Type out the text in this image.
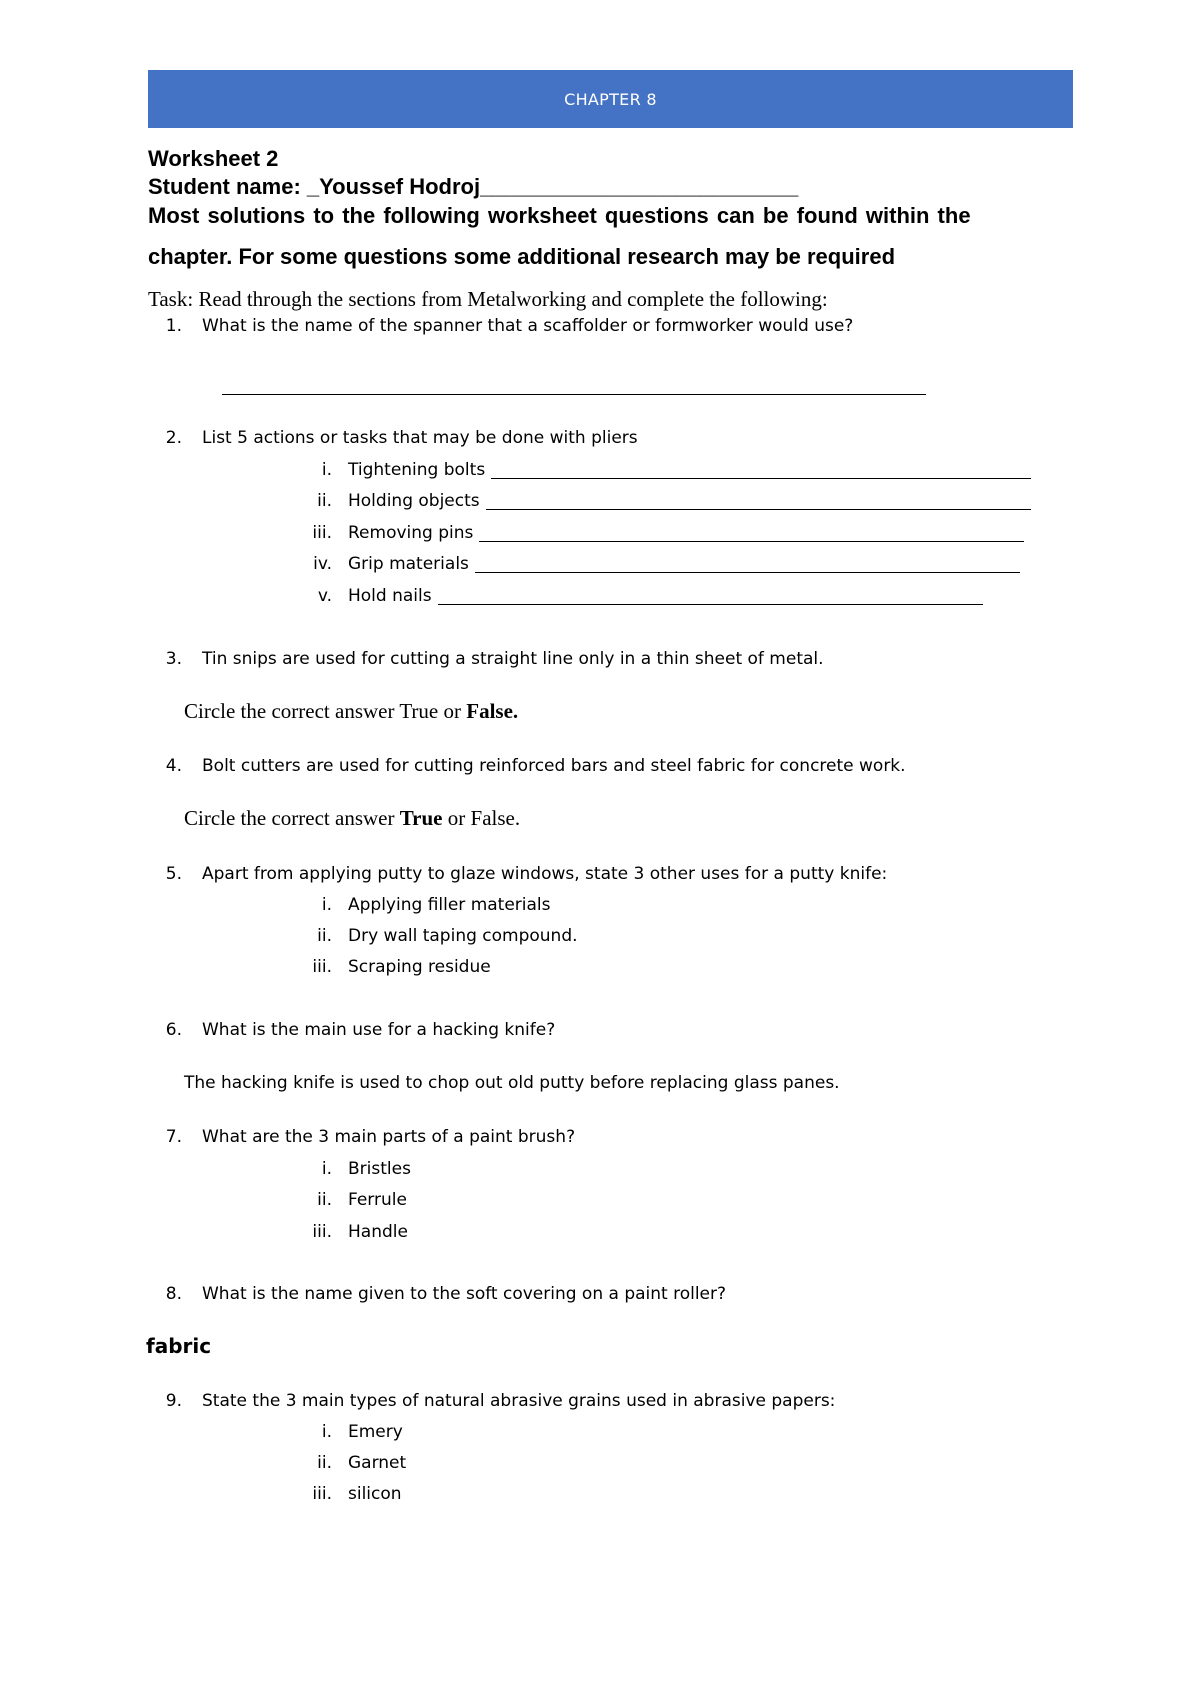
CHAPTER 8
Worksheet 2
Student name: _Youssef Hodroj__________________________
Most solutions to the following worksheet questions can be found within the
chapter. For some questions some additional research may be required
Task: Read through the sections from Metalworking and complete the following:
1.	What is the name of the spanner that a scaffolder or formworker would use?
2.	List 5 actions or tasks that may be done with pliers
i. Tightening bolts
ii. Holding objects
iii. Removing pins
iv. Grip materials
v. Hold nails
3.	Tin snips are used for cutting a straight line only in a thin sheet of metal.
Circle the correct answer True or False.
4.	Bolt cutters are used for cutting reinforced bars and steel fabric for concrete work.
Circle the correct answer True or False.
5.	Apart from applying putty to glaze windows, state 3 other uses for a putty knife:
i. Applying filler materials
ii. Dry wall taping compound.
iii. Scraping residue
6.	What is the main use for a hacking knife?
The hacking knife is used to chop out old putty before replacing glass panes.
7.	What are the 3 main parts of a paint brush?
i. Bristles
ii. Ferrule
iii. Handle
8.	What is the name given to the soft covering on a paint roller?
fabric
9.	State the 3 main types of natural abrasive grains used in abrasive papers:
i. Emery
ii. Garnet
iii. silicon
